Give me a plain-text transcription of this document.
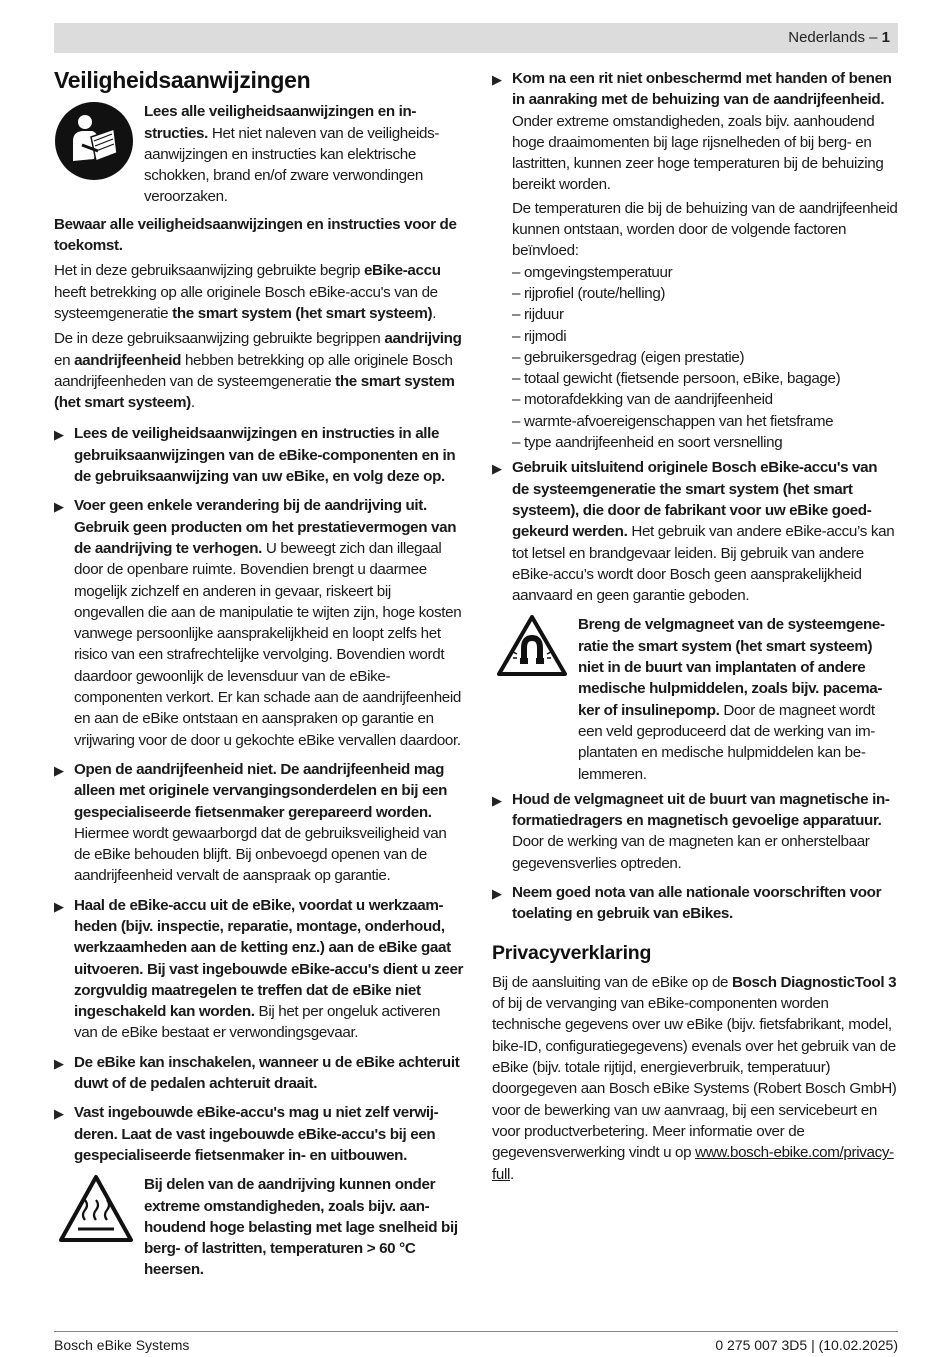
Nederlands – 1
Veiligheidsaanwijzingen
Lees alle veiligheidsaanwijzingen en instructies. Het niet naleven van de veiligheidsaanwijzingen en instructies kan elektrische schokken, brand en/of zware verwondingen veroorzaken.

Bewaar alle veiligheidsaanwijzingen en instructies voor de toekomst.

Het in deze gebruiksaanwijzing gebruikte begrip eBike-accu heeft betrekking op alle originele Bosch eBike-accu's van de systeemgeneratie the smart system (het smart systeem).

De in deze gebruiksaanwijzing gebruikte begrippen aandrijving en aandrijfeenheid hebben betrekking op alle originele Bosch aandrijfeenheden van de systeemgeneratie the smart system (het smart systeem).

▶ Lees de veiligheidsaanwijzingen en instructies in alle gebruiksaanwijzingen van de eBike-componenten en in de gebruiksaanwijzing van uw eBike, en volg deze op.
▶ Voer geen enkele verandering bij de aandrijving uit. Gebruik geen producten om het prestatievermogen van de aandrijving te verhogen. U beweegt zich dan illegaal door de openbare ruimte. Bovendien brengt u daarmee mogelijk zichzelf en anderen in gevaar, riskeert bij ongevallen die aan de manipulatie te wijten zijn, hoge kosten vanwege persoonlijke aansprakelijkheid en loopt zelfs het risico van een strafrechtelijke vervolging. Bovendien wordt daardoor gewoonlijk de levensduur van de eBike-componenten verkort. Er kan schade aan de aandrijfeenheid en aan de eBike ontstaan en aanspraken op garantie en vrijwaring voor de door u gekochte eBike vervallen daardoor.
▶ Open de aandrijfeenheid niet. De aandrijfeenheid mag alleen met originele vervangingsonderdelen en bij een gespecialiseerde fietsenmaker gerepareerd worden. Hiermee wordt gewaarborgd dat de gebruiksveiligheid van de eBike behouden blijft. Bij onbevoegd openen van de aandrijfeenheid vervalt de aanspraak op garantie.
▶ Haal de eBike-accu uit de eBike, voordat u werkzaamheden (bijv. inspectie, reparatie, montage, onderhoud, werkzaamheden aan de ketting enz.) aan de eBike gaat uitvoeren. Bij vast ingebouwde eBike-accu's dient u zeer zorgvuldig maatregelen te treffen dat de eBike niet ingeschakeld kan worden. Bij het per ongeluk activeren van de eBike bestaat er verwondingsgevaar.
▶ De eBike kan inschakelen, wanneer u de eBike achteruit duwt of de pedalen achteruit draait.
▶ Vast ingebouwde eBike-accu's mag u niet zelf verwijderen. Laat de vast ingebouwde eBike-accu's bij een gespecialiseerde fietsenmaker in- en uitbouwen.
Bij delen van de aandrijving kunnen onder extreme omstandigheden, zoals bijv. aanhoudend hoge belasting met lage snelheid bij berg- of lastritten, temperaturen > 60 °C heersen.
▶ Kom na een rit niet onbeschermd met handen of benen in aanraking met de behuizing van de aandrijfeenheid. Onder extreme omstandigheden, zoals bijv. aanhoudend hoge draaimomenten bij lage rijsnelheden of bij berg- en lastritten, kunnen zeer hoge temperaturen bij de behuizing bereikt worden.

De temperaturen die bij de behuizing van de aandrijfeenheid kunnen ontstaan, worden door de volgende factoren beïnvloed:

– omgevingstemperatuur
– rijprofiel (route/helling)
– rijduur
– rijmodi
– gebruikersgedrag (eigen prestatie)
– totaal gewicht (fietsende persoon, eBike, bagage)
– motorafdekking van de aandrijfeenheid
– warmte-afvoereigenschappen van het fietsframe
– type aandrijfeenheid en soort versnelling
▶ Gebruik uitsluitend originele Bosch eBike-accu's van de systeemgeneratie the smart system (het smart systeem), die door de fabrikant voor uw eBike goedgekeurd werden. Het gebruik van andere eBike-accu’s kan tot letsel en brandgevaar leiden. Bij gebruik van andere eBike-accu’s wordt door Bosch geen aansprakelijkheid aanvaard en geen garantie geboden.
Breng de velgmagneet van de systeemgeneratie the smart system (het smart systeem) niet in de buurt van implantaten of andere medische hulpmiddelen, zoals bijv. pacemaker of insulinepomp. Door de magneet wordt een veld geproduceerd dat de werking van implantaten en medische hulpmiddelen kan belemmeren.
▶ Houd de velgmagneet uit de buurt van magnetische informatiedragers en magnetisch gevoelige apparatuur. Door de werking van de magneten kan er onherstelbaar gegevensverlies optreden.
▶ Neem goed nota van alle nationale voorschriften voor toelating en gebruik van eBikes.
Privacyverklaring

Bij de aansluiting van de eBike op de Bosch DiagnosticTool 3 of bij de vervanging van eBike-componenten worden technische gegevens over uw eBike (bijv. fietsfabrikant, model, bike-ID, configuratiegegevens) evenals over het gebruik van de eBike (bijv. totale rijtijd, energieverbruik, temperatuur) doorgegeven aan Bosch eBike Systems (Robert Bosch GmbH) voor de bewerking van uw aanvraag, bij een servicebeurt en voor productverbetering. Meer informatie over de gegevensverwerking vindt u op www.bosch-ebike.com/privacy-full.

Bosch eBike Systems	0 275 007 3D5 | (10.02.2025)
